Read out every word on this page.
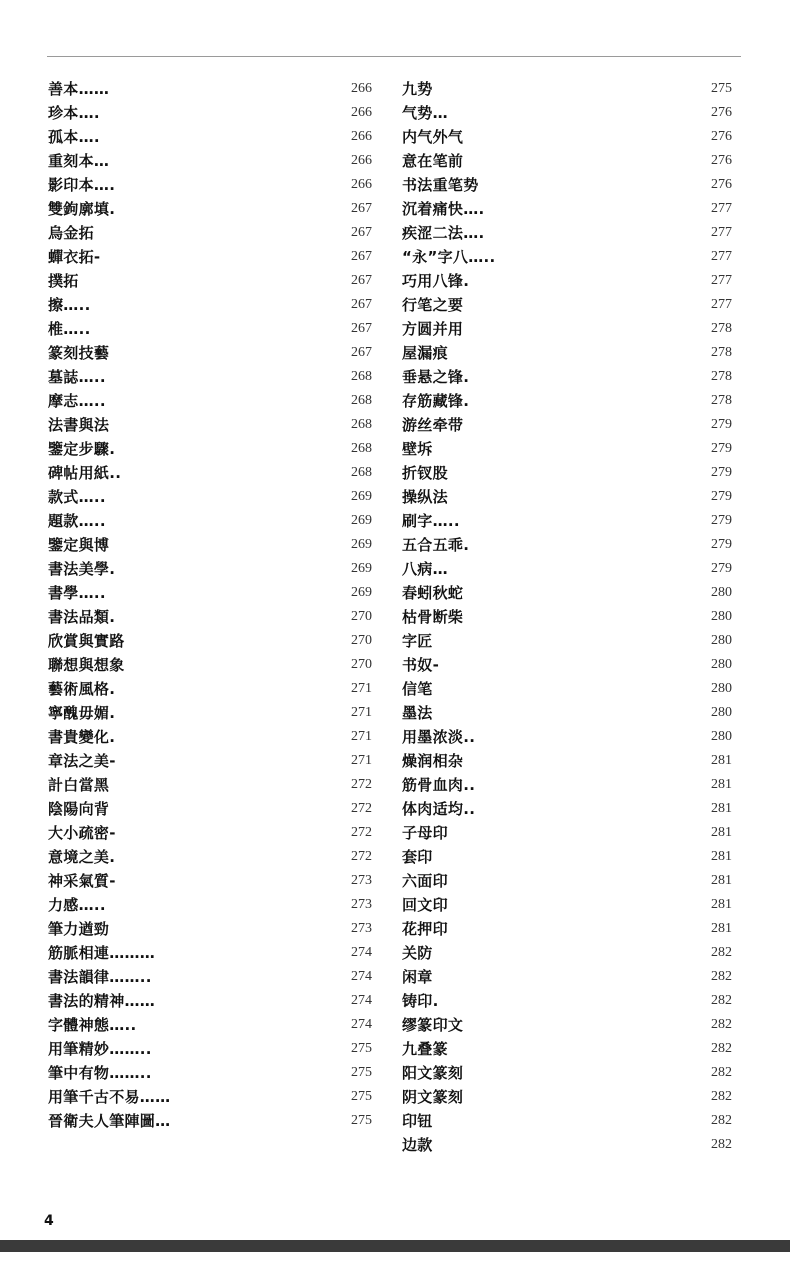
善本……	266
珍本….	266
孤本….	266
重刻本…	266
影印本….	266
雙鉤廓填.	267
烏金拓	267
蟬衣拓-	267
撲拓	267
擦…..	267
椎…..	267
篆刻技藝	267
墓誌…..	268
摩志…..	268
法書與法	268
鑒定步驟.	268
碑帖用紙..	268
款式…..	269
題款…..	269
鑒定與博	269
書法美學.	269
書學…..	269
書法品類.	270
欣賞與實路	270
聯想與想象	270
藝術風格.	271
寧醜毋媚.	271
書貴變化.	271
章法之美-	271
計白當黑	272
陰陽向背	272
大小疏密-	272
意境之美.	272
神采氣質-	273
力感…..	273
筆力遒勁	273
筋脈相連………	274
書法韻律……..	274
書法的精神……	274
字體神態…..	274
用筆精妙……..	275
筆中有物……..	275
用筆千古不易……	275
晉衛夫人筆陣圖…	275
九势	275
气势…	276
内气外气	276
意在笔前	276
书法重笔势	276
沉着痛快….	277
疾涩二法….	277
“永”字八…..	277
巧用八锋.	277
行笔之要	277
方圆并用	278
屋漏痕	278
垂悬之锋.	278
存筋藏锋.	278
游丝牵带	279
壁坼	279
折钗股	279
操纵法	279
刷字…..	279
五合五乖.	279
八病…	279
春蚓秋蛇	280
枯骨断柴	280
字匠	280
书奴-	280
信笔	280
墨法	280
用墨浓淡..	280
燥润相杂	281
筋骨血肉..	281
体肉适均..	281
子母印	281
套印	281
六面印	281
回文印	281
花押印	281
关防	282
闲章	282
铸印.	282
缪篆印文	282
九叠篆	282
阳文篆刻	282
阴文篆刻	282
印钮	282
边款	282
4
